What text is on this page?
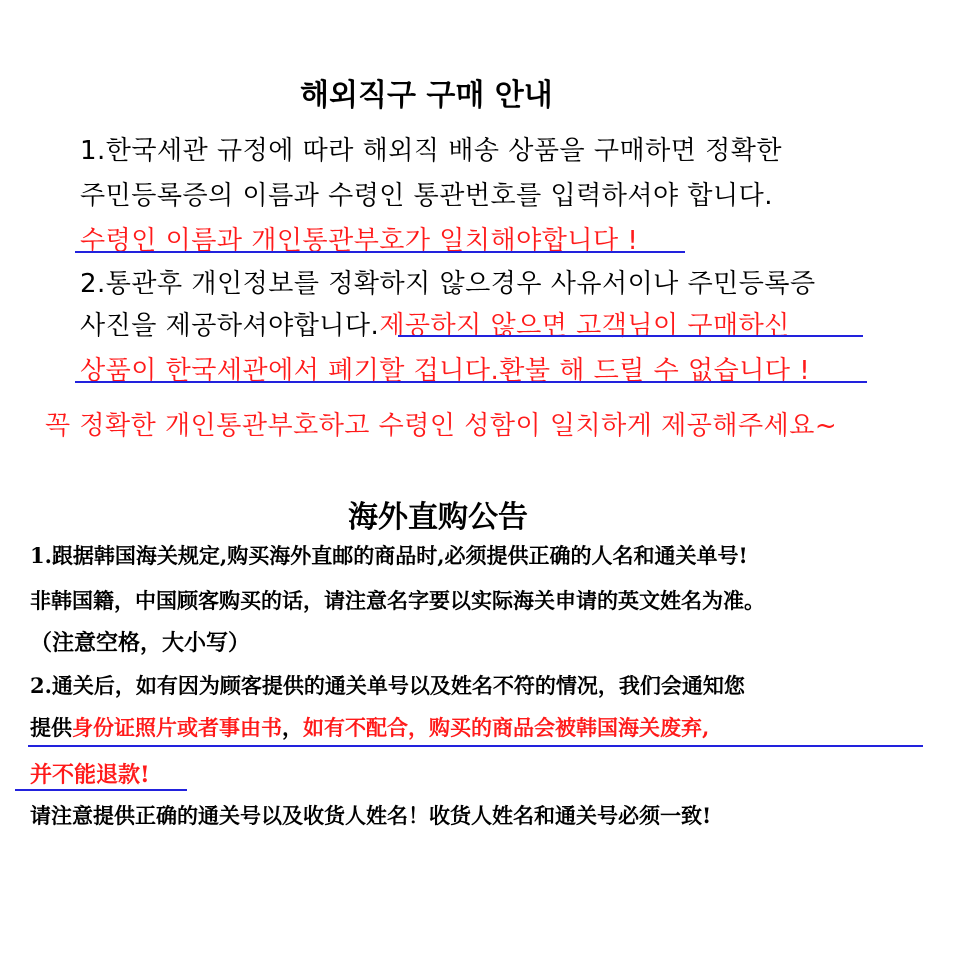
해외직구 구매 안내
1.한국세관 규정에 따라 해외직 배송 상품을 구매하면 정확한
주민등록증의 이름과 수령인 통관번호를 입력하셔야 합니다.
수령인 이름과 개인통관부호가 일치해야합니다 !
2.통관후 개인정보를 정확하지 않으경우 사유서이나 주민등록증
사진을 제공하셔야합니다.제공하지 않으면 고객님이 구매하신
상품이 한국세관에서 폐기할 겁니다.환불 해 드릴 수 없습니다 !
꼭 정확한 개인통관부호하고 수령인 성함이 일치하게 제공해주세요~
海外直购公告
1.跟据韩国海关规定,购买海外直邮的商品时,必须提供正确的人名和通关单号!
非韩国籍，中国顾客购买的话，请注意名字要以实际海关申请的英文姓名为准。
（注意空格，大小写）
2.通关后，如有因为顾客提供的通关单号以及姓名不符的情况，我们会通知您
提供身份证照片或者事由书，如有不配合，购买的商品会被韩国海关废弃,
并不能退款!
请注意提供正确的通关号以及收货人姓名！收货人姓名和通关号必须一致!
